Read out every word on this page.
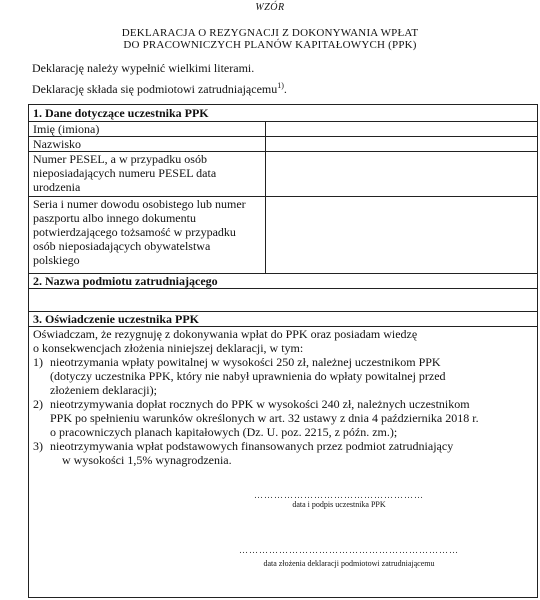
WZÓR
DEKLARACJA O REZYGNACJI Z DOKONYWANIA WPŁAT
DO PRACOWNICZYCH PLANÓW KAPITAŁOWYCH (PPK)
Deklarację należy wypełnić wielkimi literami.
Deklarację składa się podmiotowi zatrudniającemu$^{1)}$.
1. Dane dotyczące uczestnika PPK
Imię (imiona)
Nazwisko
Numer PESEL, a w przypadku osób
nieposiadających numeru PESEL data
urodzenia
Seria i numer dowodu osobistego lub numer
paszportu albo innego dokumentu
potwierdzającego tożsamość w przypadku
osób nieposiadających obywatelstwa
polskiego
2. Nazwa podmiotu zatrudniającego
3. Oświadczenie uczestnika PPK
Oświadczam, że rezygnuję z dokonywania wpłat do PPK oraz posiadam wiedzę
o konsekwencjach złożenia niniejszej deklaracji, w tym:
1) nieotrzymania wpłaty powitalnej w wysokości 250 zł, należnej uczestnikom PPK
(dotyczy uczestnika PPK, który nie nabył uprawnienia do wpłaty powitalnej przed
złożeniem deklaracji);
2) nieotrzymywania dopłat rocznych do PPK w wysokości 240 zł, należnych uczestnikom
PPK po spełnieniu warunków określonych w art. 32 ustawy z dnia 4 października 2018 r.
o pracowniczych planach kapitałowych (Dz. U. poz. 2215, z późn. zm.);
3) nieotrzymywania wpłat podstawowych finansowanych przez podmiot zatrudniający
w wysokości 1,5% wynagrodzenia.
……………………………………………
data i podpis uczestnika PPK
…………………………………………………………
data złożenia deklaracji podmiotowi zatrudniającemu
